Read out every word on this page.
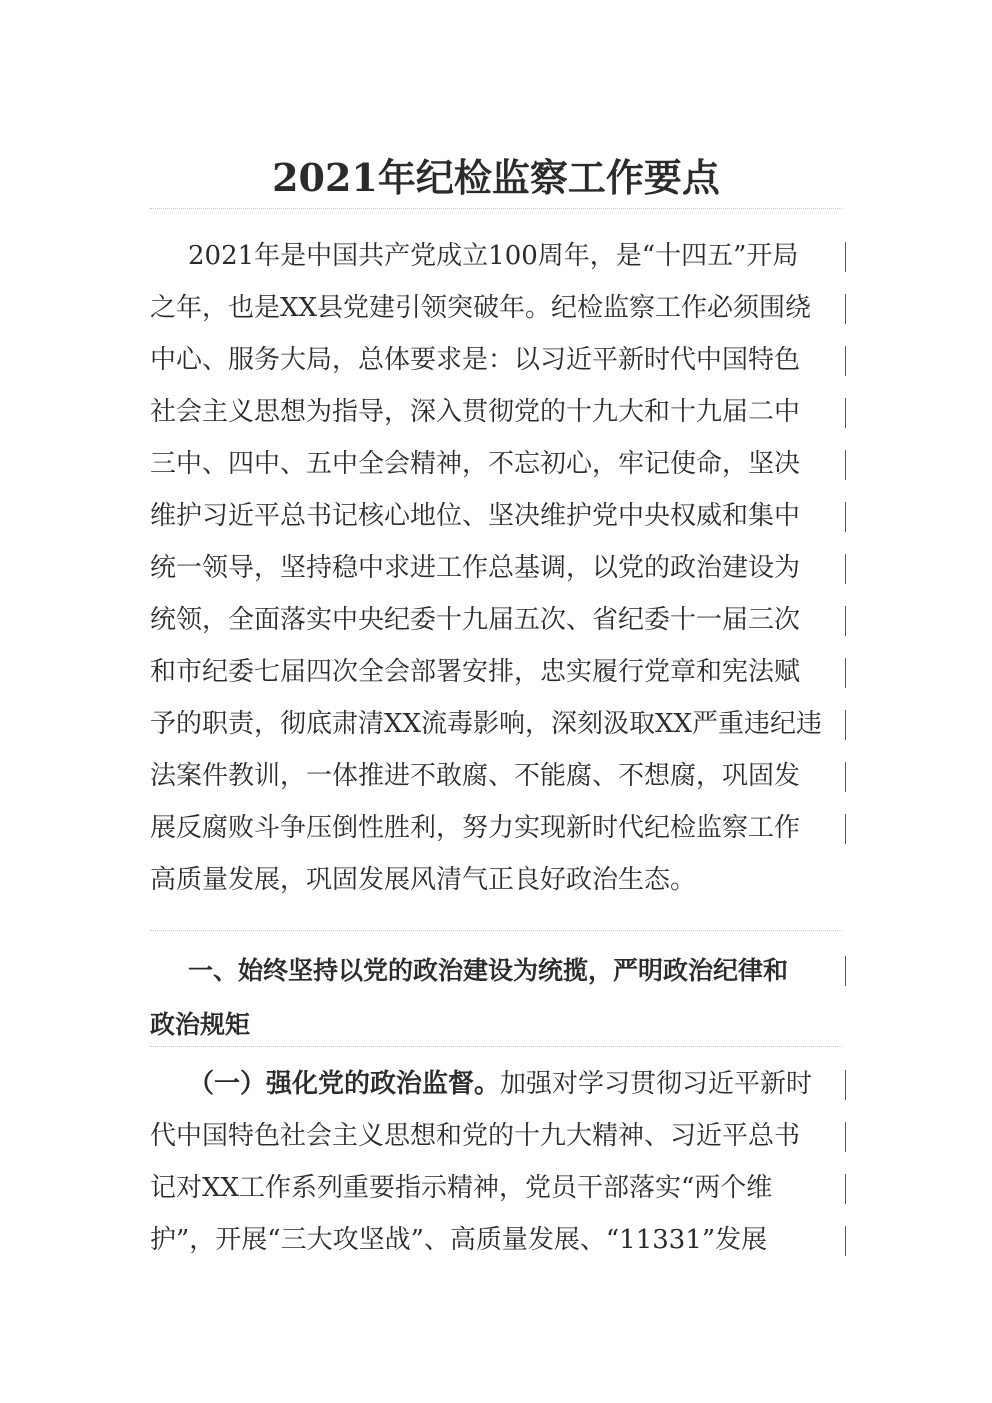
2021年纪检监察工作要点
2021年是中国共产党成立100周年，是“十四五”开局
之年，也是XX县党建引领突破年。纪检监察工作必须围绕
中心、服务大局，总体要求是：以习近平新时代中国特色
社会主义思想为指导，深入贯彻党的十九大和十九届二中
三中、四中、五中全会精神，不忘初心，牢记使命，坚决
维护习近平总书记核心地位、坚决维护党中央权威和集中
统一领导，坚持稳中求进工作总基调，以党的政治建设为
统领，全面落实中央纪委十九届五次、省纪委十一届三次
和市纪委七届四次全会部署安排，忠实履行党章和宪法赋
予的职责，彻底肃清XX流毒影响，深刻汲取XX严重违纪违
法案件教训，一体推进不敢腐、不能腐、不想腐，巩固发
展反腐败斗争压倒性胜利，努力实现新时代纪检监察工作
高质量发展，巩固发展风清气正良好政治生态。
一、始终坚持以党的政治建设为统揽，严明政治纪律和
政治规矩
（一）强化党的政治监督。加强对学习贯彻习近平新时
代中国特色社会主义思想和党的十九大精神、习近平总书
记对XX工作系列重要指示精神，党员干部落实“两个维
护”，开展“三大攻坚战”、高质量发展、“11331”发展
